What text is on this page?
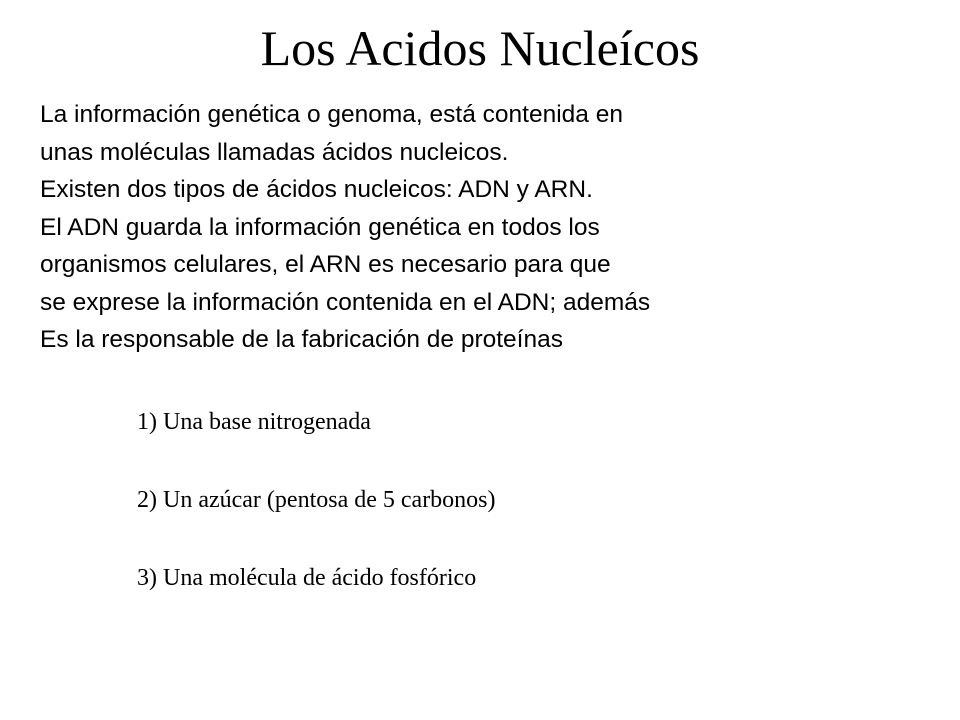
Los Acidos Nucleícos
La información genética o genoma, está contenida en
unas moléculas llamadas ácidos nucleicos.
Existen dos tipos de ácidos nucleicos: ADN y ARN.
El ADN guarda la información genética en todos los
organismos celulares, el ARN es necesario para que
se exprese la información contenida en el ADN; además
Es la responsable de la fabricación de proteínas
1) Una base nitrogenada
2) Un azúcar (pentosa de 5 carbonos)
3) Una molécula de ácido fosfórico
